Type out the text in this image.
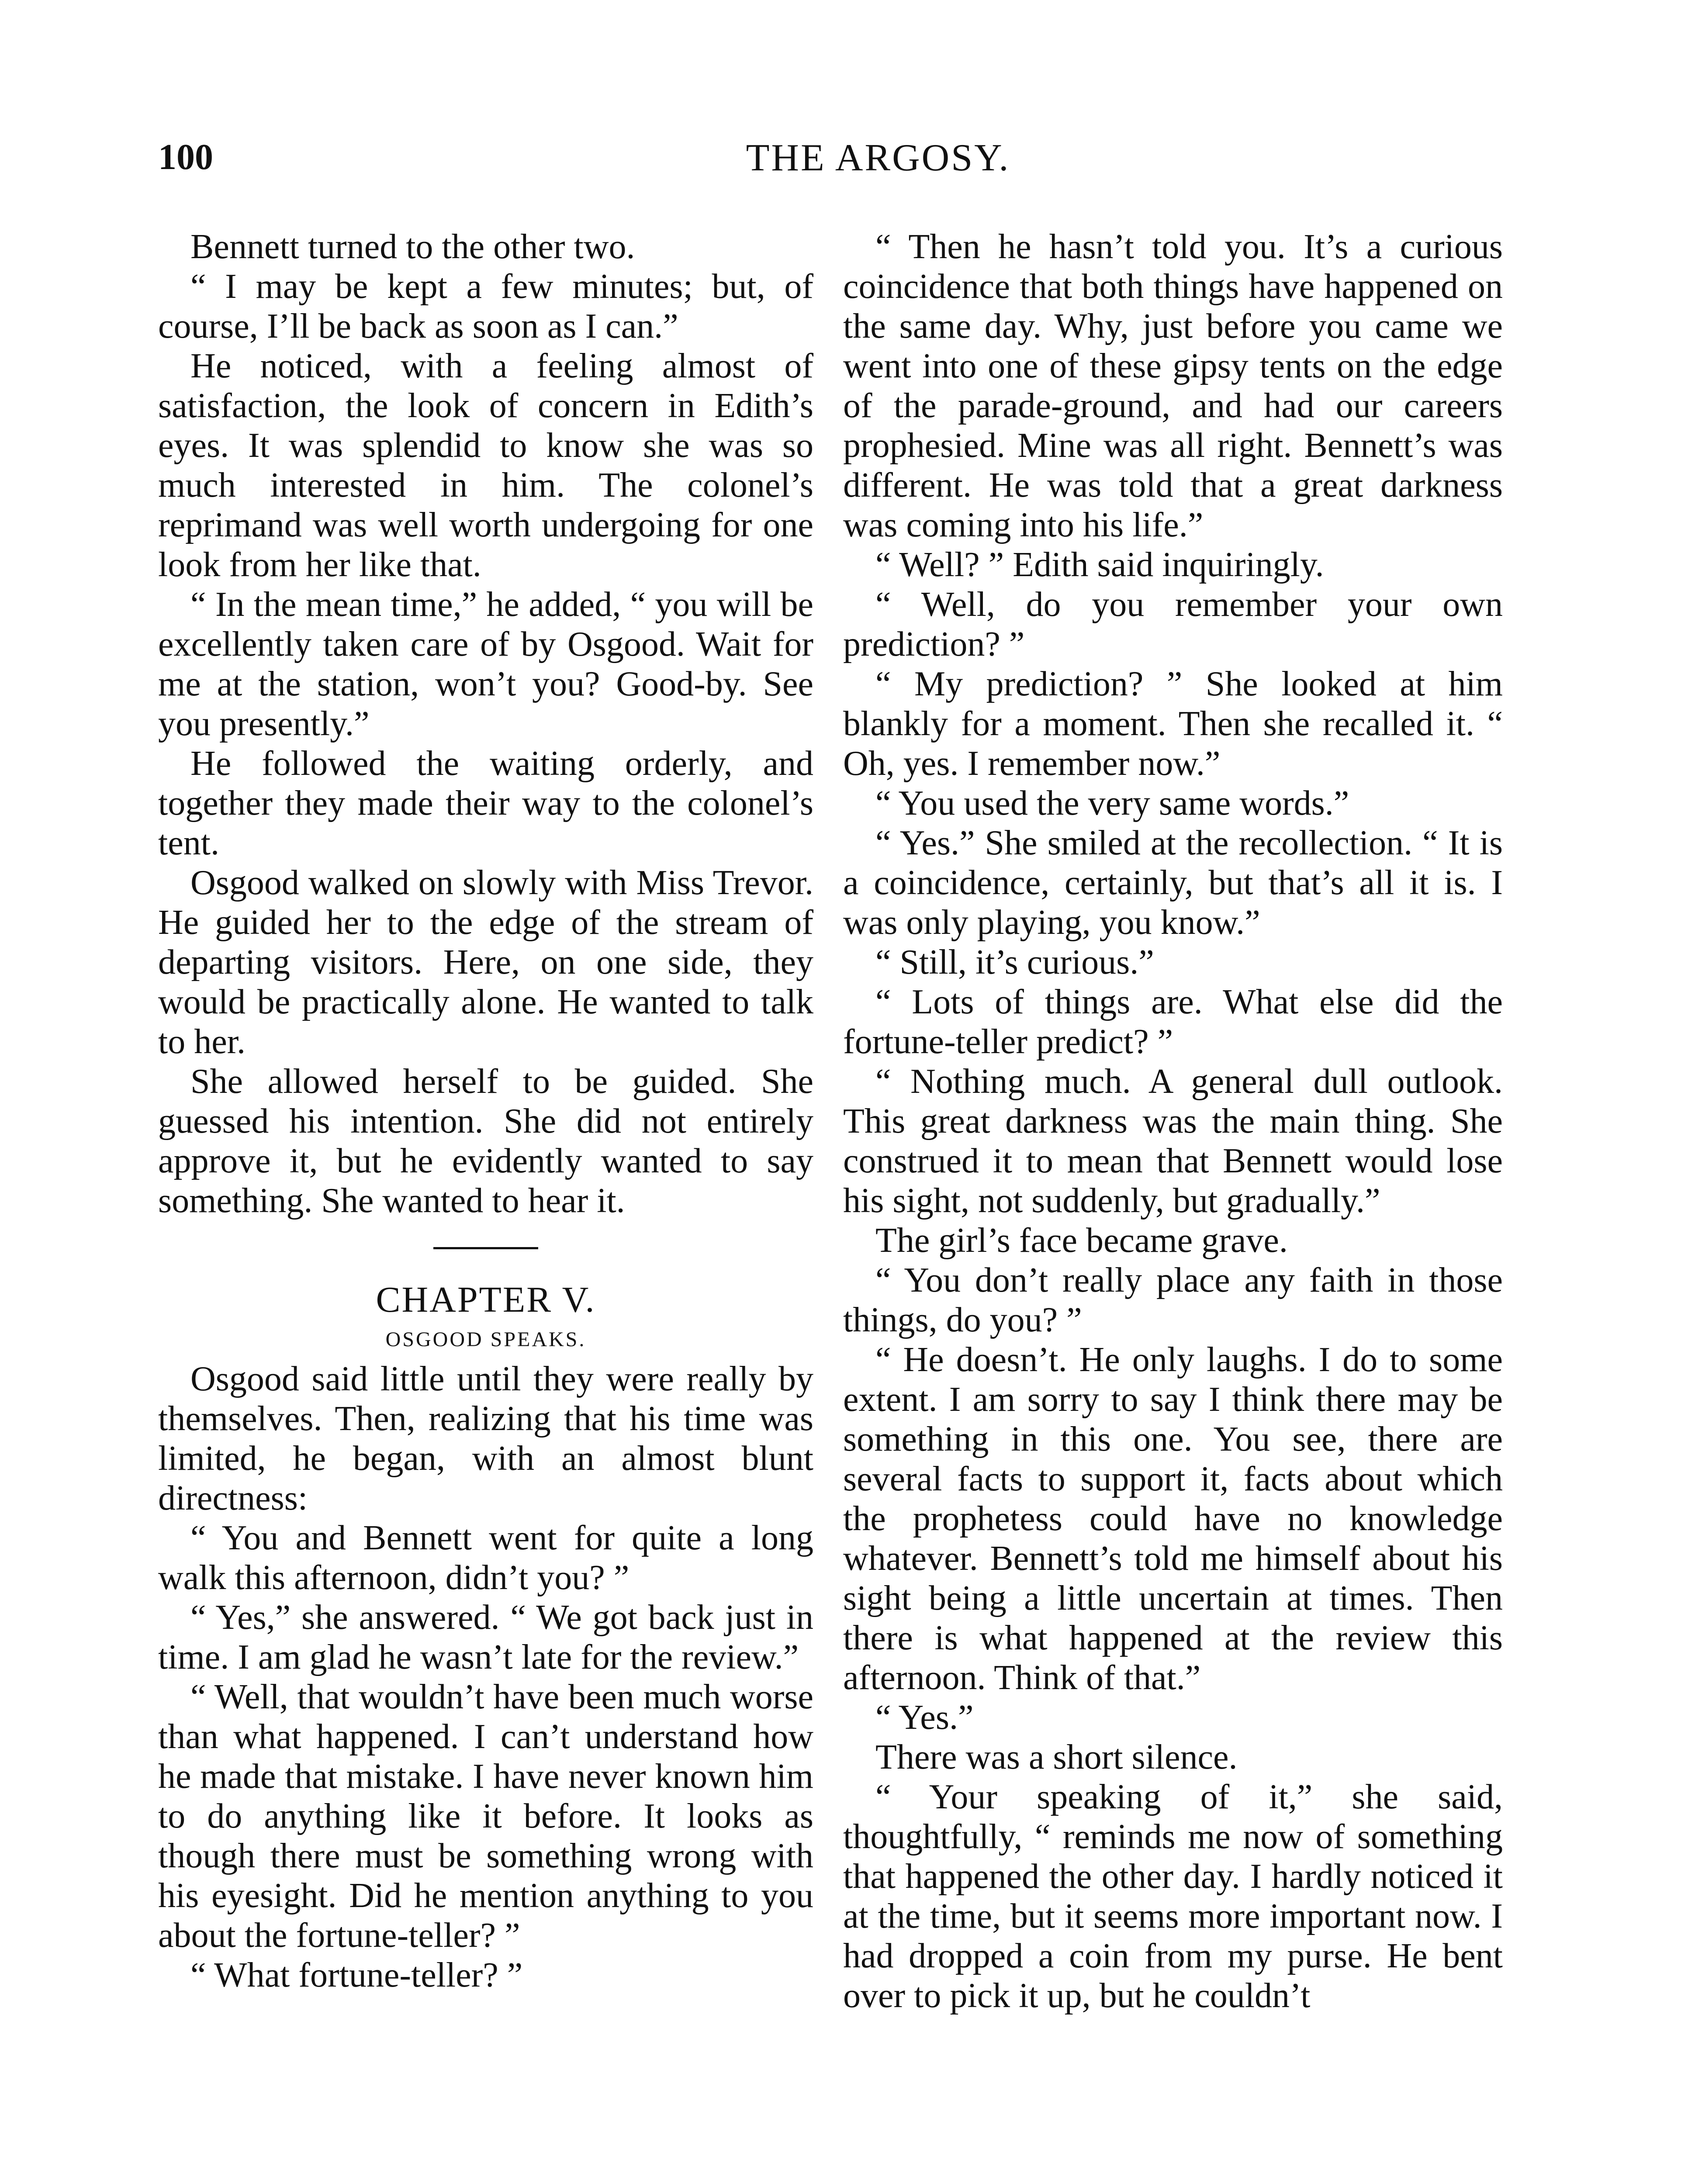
100	THE ARGOSY.

Bennett turned to the other two.

“ I may be kept a few minutes; but, of course, I’ll be back as soon as I can.”

He noticed, with a feeling almost of satisfaction, the look of concern in Edith’s eyes. It was splendid to know she was so much interested in him. The colonel’s reprimand was well worth undergoing for one look from her like that.

“ In the mean time,” he added, “ you will be excellently taken care of by Osgood. Wait for me at the station, won’t you? Good-by. See you presently.”

He followed the waiting orderly, and together they made their way to the colonel’s tent.

Osgood walked on slowly with Miss Trevor. He guided her to the edge of the stream of departing visitors. Here, on one side, they would be practically alone. He wanted to talk to her.

She allowed herself to be guided. She guessed his intention. She did not entirely approve it, but he evidently wanted to say something. She wanted to hear it.

CHAPTER V.

OSGOOD SPEAKS.

Osgood said little until they were really by themselves. Then, realizing that his time was limited, he began, with an almost blunt directness:

“ You and Bennett went for quite a long walk this afternoon, didn’t you? ”

“ Yes,” she answered. “ We got back just in time. I am glad he wasn’t late for the review.”

“ Well, that wouldn’t have been much worse than what happened. I can’t understand how he made that mistake. I have never known him to do anything like it before. It looks as though there must be something wrong with his eyesight. Did he mention anything to you about the fortune-teller? ”

“ What fortune-teller? ”

“ Then he hasn’t told you. It’s a curious coincidence that both things have happened on the same day. Why, just before you came we went into one of these gipsy tents on the edge of the parade-ground, and had our careers prophesied. Mine was all right. Bennett’s was different. He was told that a great darkness was coming into his life.”

“ Well? ” Edith said inquiringly.

“ Well, do you remember your own prediction? ”

“ My prediction? ” She looked at him blankly for a moment. Then she recalled it. “ Oh, yes. I remember now.”

“ You used the very same words.”

“ Yes.” She smiled at the recollection. “ It is a coincidence, certainly, but that’s all it is. I was only playing, you know.”

“ Still, it’s curious.”

“ Lots of things are. What else did the fortune-teller predict? ”

“ Nothing much. A general dull outlook. This great darkness was the main thing. She construed it to mean that Bennett would lose his sight, not suddenly, but gradually.”

The girl’s face became grave.

“ You don’t really place any faith in those things, do you? ”

“ He doesn’t. He only laughs. I do to some extent. I am sorry to say I think there may be something in this one. You see, there are several facts to support it, facts about which the prophetess could have no knowledge whatever. Bennett’s told me himself about his sight being a little uncertain at times. Then there is what happened at the review this afternoon. Think of that.”

“ Yes.”

There was a short silence.

“ Your speaking of it,” she said, thoughtfully, “ reminds me now of something that happened the other day. I hardly noticed it at the time, but it seems more important now. I had dropped a coin from my purse. He bent over to pick it up, but he couldn’t
